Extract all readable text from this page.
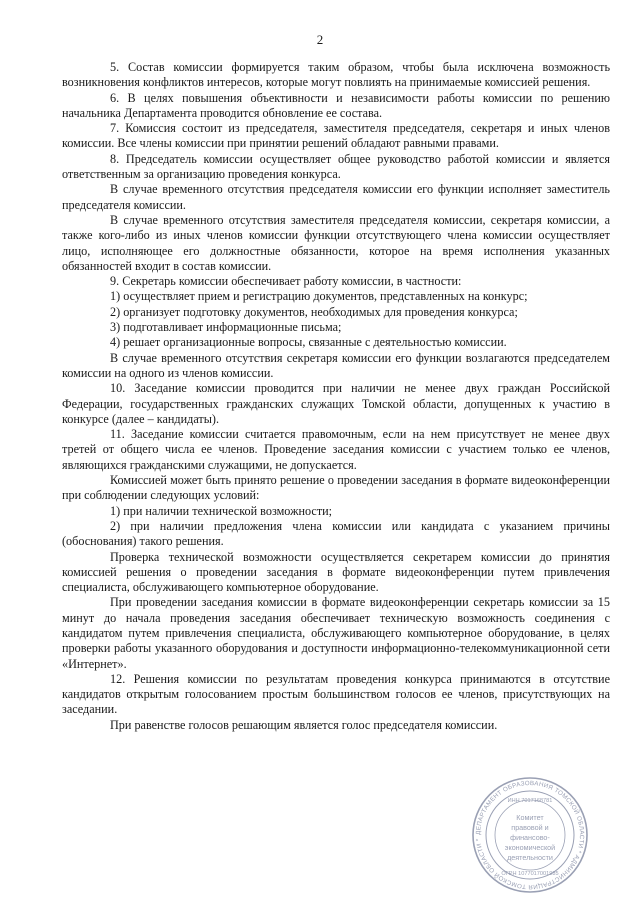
2

5. Состав комиссии формируется таким образом, чтобы была исключена возможность возникновения конфликтов интересов, которые могут повлиять на принимаемые комиссией решения.

6. В целях повышения объективности и независимости работы комиссии по решению начальника Департамента проводится обновление ее состава.

7. Комиссия состоит из председателя, заместителя председателя, секретаря и иных членов комиссии. Все члены комиссии при принятии решений обладают равными правами.

8. Председатель комиссии осуществляет общее руководство работой комиссии и является ответственным за организацию проведения конкурса.

В случае временного отсутствия председателя комиссии его функции исполняет заместитель председателя комиссии.

В случае временного отсутствия заместителя председателя комиссии, секретаря комиссии, а также кого-либо из иных членов комиссии функции отсутствующего члена комиссии осуществляет лицо, исполняющее его должностные обязанности, которое на время исполнения указанных обязанностей входит в состав комиссии.

9. Секретарь комиссии обеспечивает работу комиссии, в частности:

1) осуществляет прием и регистрацию документов, представленных на конкурс;

2) организует подготовку документов, необходимых для проведения конкурса;

3) подготавливает информационные письма;

4) решает организационные вопросы, связанные с деятельностью комиссии.

В случае временного отсутствия секретаря комиссии его функции возлагаются председателем комиссии на одного из членов комиссии.

10. Заседание комиссии проводится при наличии не менее двух граждан Российской Федерации, государственных гражданских служащих Томской области, допущенных к участию в конкурсе (далее – кандидаты).

11. Заседание комиссии считается правомочным, если на нем присутствует не менее двух третей от общего числа ее членов. Проведение заседания комиссии с участием только ее членов, являющихся гражданскими служащими, не допускается.

Комиссией может быть принято решение о проведении заседания в формате видеоконференции при соблюдении следующих условий:

1) при наличии технической возможности;

2) при наличии предложения члена комиссии или кандидата с указанием причины (обоснования) такого решения.

Проверка технической возможности осуществляется секретарем комиссии до принятия комиссией решения о проведении заседания в формате видеоконференции путем привлечения специалиста, обслуживающего компьютерное оборудование.

При проведении заседания комиссии в формате видеоконференции секретарь комиссии за 15 минут до начала проведения заседания обеспечивает техническую возможность соединения с кандидатом путем привлечения специалиста, обслуживающего компьютерное оборудование, в целях проверки работы указанного оборудования и доступности информационно-телекоммуникационной сети «Интернет».

12. Решения комиссии по результатам проведения конкурса принимаются в отсутствие кандидатов открытым голосованием простым большинством голосов ее членов, присутствующих на заседании.

При равенстве голосов решающим является голос председателя комиссии.

ДЕПАРТАМЕНТ ОБРАЗОВАНИЯ ТОМСКОЙ ОБЛАСТИ * АДМИНИСТРАЦИЯ ТОМСКОЙ ОБЛАСТИ *
ИНН 7017168781
Комитет
правовой и
финансово-
экономической
деятельности
ОГРН 1077017001985
